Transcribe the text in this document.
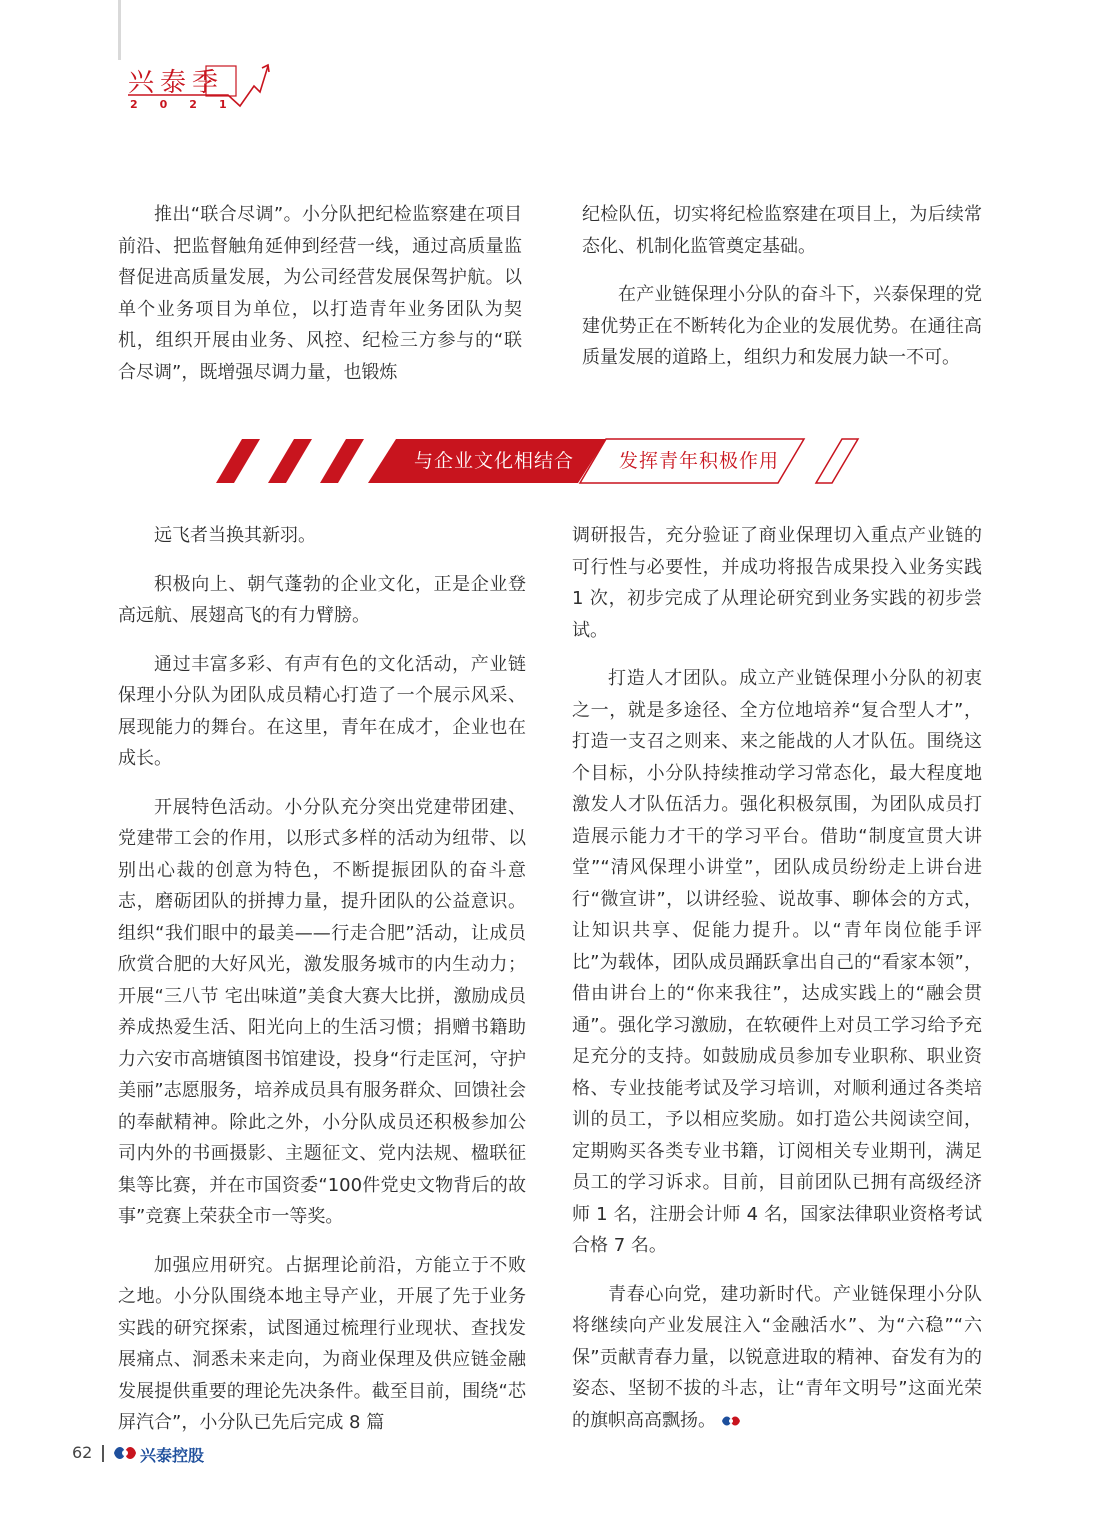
兴泰季
2021

推出“联合尽调”。小分队把纪检监察建在项目前沿、把监督触角延伸到经营一线，通过高质量监督促进高质量发展，为公司经营发展保驾护航。以单个业务项目为单位，以打造青年业务团队为契机，组织开展由业务、风控、纪检三方参与的“联合尽调”，既增强尽调力量，也锻炼

纪检队伍，切实将纪检监察建在项目上，为后续常态化、机制化监管奠定基础。

在产业链保理小分队的奋斗下，兴泰保理的党建优势正在不断转化为企业的发展优势。在通往高质量发展的道路上，组织力和发展力缺一不可。

与企业文化相结合	发挥青年积极作用

远飞者当换其新羽。

积极向上、朝气蓬勃的企业文化，正是企业登高远航、展翅高飞的有力臂膀。

通过丰富多彩、有声有色的文化活动，产业链保理小分队为团队成员精心打造了一个展示风采、展现能力的舞台。在这里，青年在成才，企业也在成长。

开展特色活动。小分队充分突出党建带团建、党建带工会的作用，以形式多样的活动为纽带、以别出心裁的创意为特色，不断提振团队的奋斗意志，磨砺团队的拼搏力量，提升团队的公益意识。组织“我们眼中的最美——行走合肥”活动，让成员欣赏合肥的大好风光，激发服务城市的内生动力；开展“三八节 宅出味道”美食大赛大比拼，激励成员养成热爱生活、阳光向上的生活习惯；捐赠书籍助力六安市高塘镇图书馆建设，投身“行走匡河，守护美丽”志愿服务，培养成员具有服务群众、回馈社会的奉献精神。除此之外，小分队成员还积极参加公司内外的书画摄影、主题征文、党内法规、楹联征集等比赛，并在市国资委“100件党史文物背后的故事”竞赛上荣获全市一等奖。

加强应用研究。占据理论前沿，方能立于不败之地。小分队围绕本地主导产业，开展了先于业务实践的研究探索，试图通过梳理行业现状、查找发展痛点、洞悉未来走向，为商业保理及供应链金融发展提供重要的理论先决条件。截至目前，围绕“芯屏汽合”，小分队已先后完成 8 篇

调研报告，充分验证了商业保理切入重点产业链的可行性与必要性，并成功将报告成果投入业务实践 1 次，初步完成了从理论研究到业务实践的初步尝试。

打造人才团队。成立产业链保理小分队的初衷之一，就是多途径、全方位地培养“复合型人才”，打造一支召之则来、来之能战的人才队伍。围绕这个目标，小分队持续推动学习常态化，最大程度地激发人才队伍活力。强化积极氛围，为团队成员打造展示能力才干的学习平台。借助“制度宣贯大讲堂”“清风保理小讲堂”，团队成员纷纷走上讲台进行“微宣讲”，以讲经验、说故事、聊体会的方式，让知识共享、促能力提升。以“青年岗位能手评比”为载体，团队成员踊跃拿出自己的“看家本领”，借由讲台上的“你来我往”，达成实践上的“融会贯通”。强化学习激励，在软硬件上对员工学习给予充足充分的支持。如鼓励成员参加专业职称、职业资格、专业技能考试及学习培训，对顺利通过各类培训的员工，予以相应奖励。如打造公共阅读空间，定期购买各类专业书籍，订阅相关专业期刊，满足员工的学习诉求。目前，目前团队已拥有高级经济师 1 名，注册会计师 4 名，国家法律职业资格考试合格 7 名。

青春心向党，建功新时代。产业链保理小分队将继续向产业发展注入“金融活水”、为“六稳”“六保”贡献青春力量，以锐意进取的精神、奋发有为的姿态、坚韧不拔的斗志，让“青年文明号”这面光荣的旗帜高高飘扬。

62	兴泰控股
